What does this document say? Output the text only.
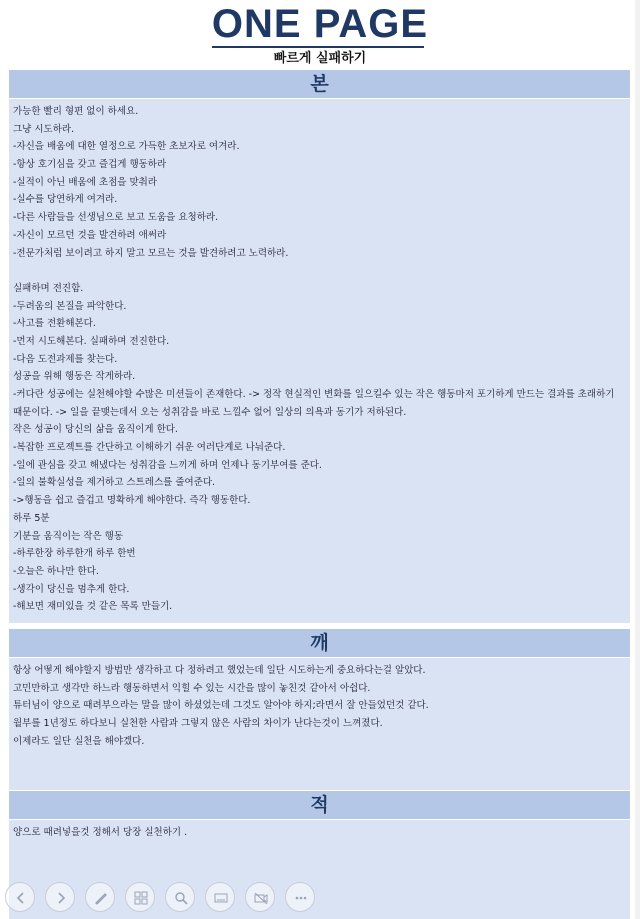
ONE PAGE
빠르게 실패하기
본
가능한 빨리 형편 없이 하세요.
그냥 시도하라.
-자신을 배움에 대한 열정으로 가득한 초보자로 여겨라.
-항상 호기심을 갖고 즐겁게 행동하라
-실적이 아닌 배움에 초점을 맞춰라
-실수를 당연하게 여겨라.
-다른 사람들을 선생님으로 보고 도움을 요청하라.
-자신이 모르던 것을 발견하려 애써라
-전문가처럼 보이려고 하지 말고 모르는 것을 발견하려고 노력하라.
실패하며 전진함.
-두려움의 본질을 파악한다.
-사고를 전환해본다.
-먼저 시도해본다. 실패하며 전진한다.
-다음 도전과제를 찾는다.
성공을 위해 행동은 작게하라.
-커다란 성공에는 실천해야할 수많은 미션들이 존재한다. -> 정작 현실적인 변화를 일으킬수 있는 작은 행동마저 포기하게 만드는 결과를 초래하기
때문이다. -> 일을 끝맺는데서 오는 성취감을 바로 느낄수 없어 일상의 의욕과 동기가 저하된다.
작은 성공이 당신의 삶을 움직이게 한다.
-복잡한 프로젝트를 간단하고 이해하기 쉬운 여러단계로 나눠준다.
-일에 관심을 갖고 해냈다는 성취감을 느끼게 하며 언제나 동기부여를 준다.
-일의 불확실성을 제거하고 스트레스를 줄여준다.
->행동을 쉽고 즐겁고 명확하게 해야한다. 즉각 행동한다.
하루 5분
기분을 움직이는 작은 행동
-하루한장 하루한개 하루 한번
-오늘은 하나만 한다.
-생각이 당신을 멈추게 한다.
-해보면 재미있을 것 같은 목록 만들기.
깨
항상 어떻게 해야할지 방법만 생각하고 다 정하려고 했었는데 일단 시도하는게 중요하다는걸 알았다.
고민만하고 생각만 하느라 행동하면서 익힐 수 있는 시간을 많이 놓친것 같아서 아쉽다.
튜터님이 양으로 때려부으라는 말을 많이 하셨었는데 그것도 알아야 하지;라면서 잘 안들었던것 같다.
월부를 1년정도 하다보니 실천한 사람과 그렇지 않은 사람의 차이가 난다는것이 느껴졌다.
이제라도 일단 실천을 해야겠다.
적
양으로 때려넣을것 정해서 당장 실천하기 .
